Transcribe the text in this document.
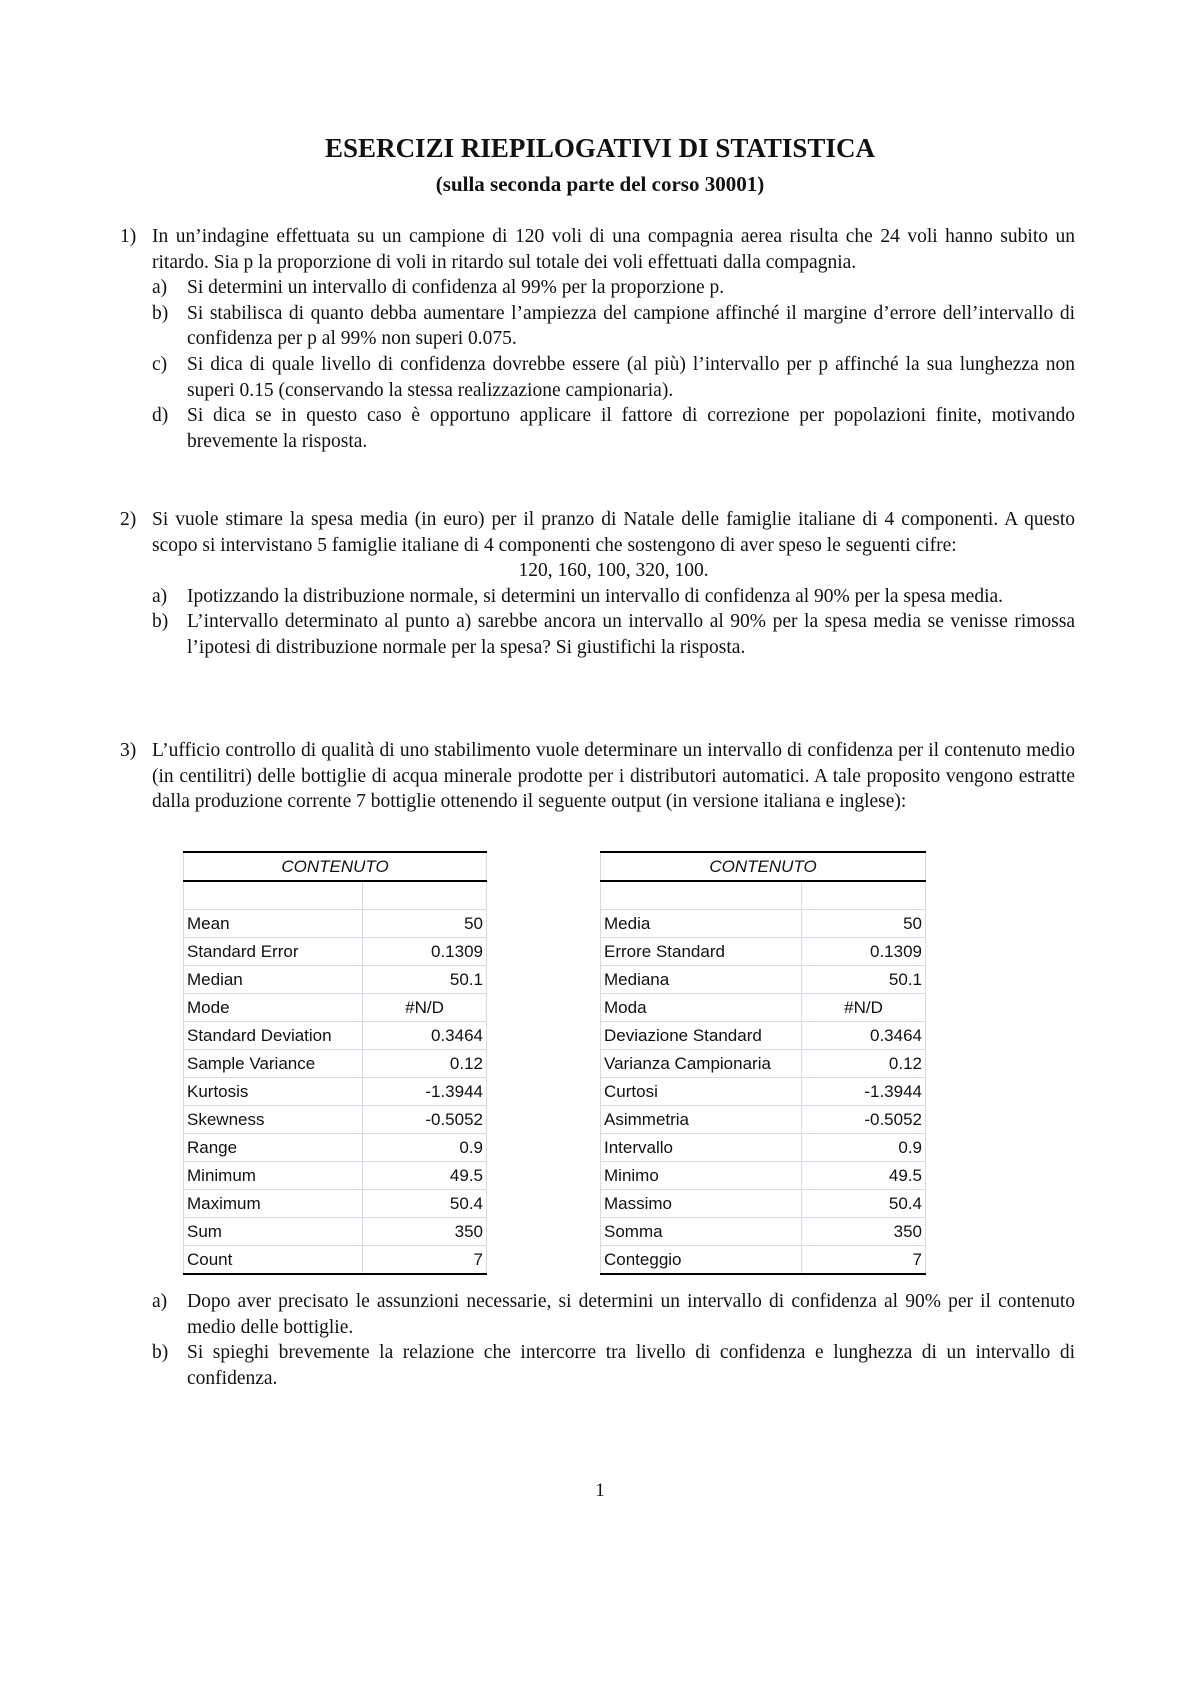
ESERCIZI RIEPILOGATIVI DI STATISTICA
(sulla seconda parte del corso 30001)
1) In un’indagine effettuata su un campione di 120 voli di una compagnia aerea risulta che 24 voli hanno subito un ritardo. Sia p la proporzione di voli in ritardo sul totale dei voli effettuati dalla compagnia.
a) Si determini un intervallo di confidenza al 99% per la proporzione p.
b) Si stabilisca di quanto debba aumentare l’ampiezza del campione affinché il margine d’errore dell’intervallo di confidenza per p al 99% non superi 0.075.
c) Si dica di quale livello di confidenza dovrebbe essere (al più) l’intervallo per p affinché la sua lunghezza non superi 0.15 (conservando la stessa realizzazione campionaria).
d) Si dica se in questo caso è opportuno applicare il fattore di correzione per popolazioni finite, motivando brevemente la risposta.
2) Si vuole stimare la spesa media (in euro) per il pranzo di Natale delle famiglie italiane di 4 componenti. A questo scopo si intervistano 5 famiglie italiane di 4 componenti che sostengono di aver speso le seguenti cifre:
120, 160, 100, 320, 100.
a) Ipotizzando la distribuzione normale, si determini un intervallo di confidenza al 90% per la spesa media.
b) L’intervallo determinato al punto a) sarebbe ancora un intervallo al 90% per la spesa media se venisse rimossa l’ipotesi di distribuzione normale per la spesa? Si giustifichi la risposta.
3) L’ufficio controllo di qualità di uno stabilimento vuole determinare un intervallo di confidenza per il contenuto medio (in centilitri) delle bottiglie di acqua minerale prodotte per i distributori automatici. A tale proposito vengono estratte dalla produzione corrente 7 bottiglie ottenendo il seguente output (in versione italiana e inglese):
CONTENUTO	

Mean	50
Standard Error	0.1309
Median	50.1
Mode	#N/D
Standard Deviation	0.3464
Sample Variance	0.12
Kurtosis	-1.3944
Skewness	-0.5052
Range	0.9
Minimum	49.5
Maximum	50.4
Sum	350
Count	7
CONTENUTO	

Media	50
Errore Standard	0.1309
Mediana	50.1
Moda	#N/D
Deviazione Standard	0.3464
Varianza Campionaria	0.12
Curtosi	-1.3944
Asimmetria	-0.5052
Intervallo	0.9
Minimo	49.5
Massimo	50.4
Somma	350
Conteggio	7
a) Dopo aver precisato le assunzioni necessarie, si determini un intervallo di confidenza al 90% per il contenuto medio delle bottiglie.
b) Si spieghi brevemente la relazione che intercorre tra livello di confidenza e lunghezza di un intervallo di confidenza.
1
